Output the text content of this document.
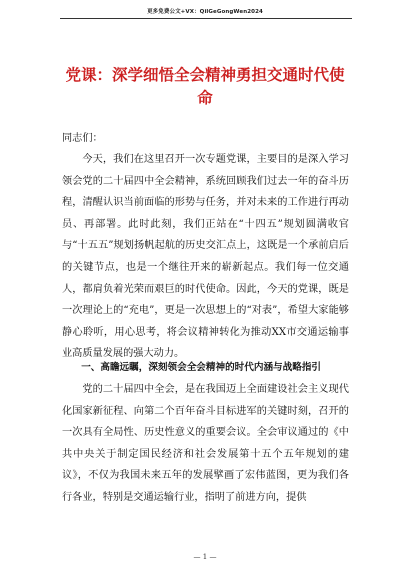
更多免费公文+VX：QilGeGongWen2024
党课：深学细悟全会精神勇担交通时代使命

同志们：

今天，我们在这里召开一次专题党课，主要目的是深入学习领会党的二十届四中全会精神，系统回顾我们过去一年的奋斗历程，清醒认识当前面临的形势与任务，并对未来的工作进行再动员、再部署。此时此刻，我们正站在“十四五”规划圆满收官与“十五五”规划扬帆起航的历史交汇点上，这既是一个承前启后的关键节点，也是一个继往开来的崭新起点。我们每一位交通人，都肩负着光荣而艰巨的时代使命。因此，今天的党课，既是一次理论上的“充电”，更是一次思想上的“对表”，希望大家能够静心聆听，用心思考，将会议精神转化为推动XX市交通运输事业高质量发展的强大动力。

一、高瞻远瞩，深刻领会全会精神的时代内涵与战略指引

党的二十届四中全会，是在我国迈上全面建设社会主义现代化国家新征程、向第二个百年奋斗目标进军的关键时刻，召开的一次具有全局性、历史性意义的重要会议。全会审议通过的《中共中央关于制定国民经济和社会发展第十五个五年规划的建议》，不仅为我国未来五年的发展擘画了宏伟蓝图，更为我们各行各业，特别是交通运输行业，指明了前进方向，提供

— 1 —
